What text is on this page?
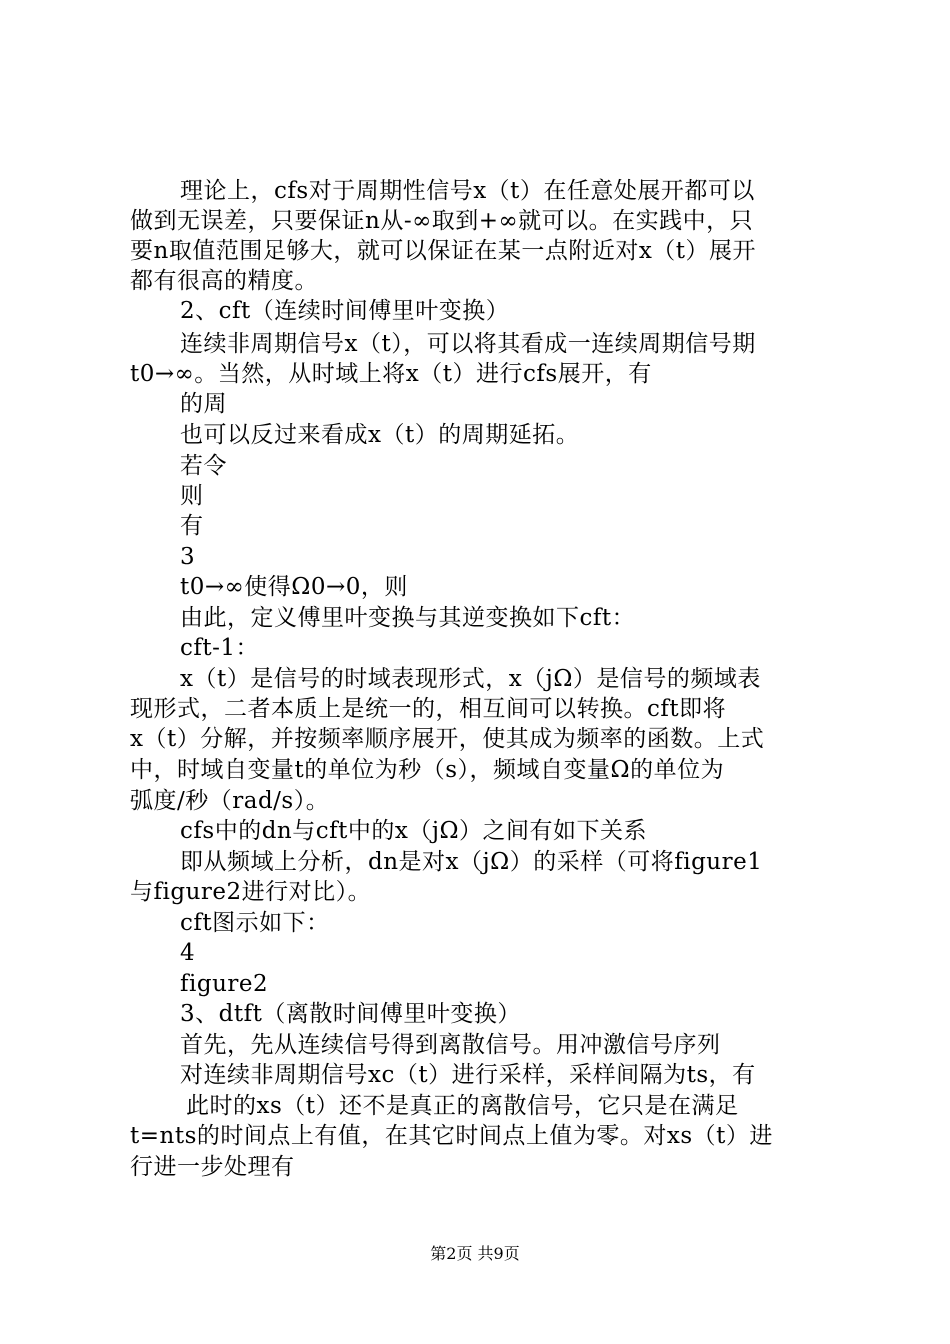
理论上，cfs对于周期性信号x（t）在任意处展开都可以
做到无误差，只要保证n从-∞取到+∞就可以。在实践中，只
要n取值范围足够大，就可以保证在某一点附近对x（t）展开
都有很高的精度。
2、cft（连续时间傅里叶变换）
连续非周期信号x（t），可以将其看成一连续周期信号期
t0→∞。当然，从时域上将x（t）进行cfs展开，有
的周
也可以反过来看成x（t）的周期延拓。
若令
则
有
3
t0→∞使得Ω0→0，则
由此，定义傅里叶变换与其逆变换如下cft：
cft-1：
x（t）是信号的时域表现形式，x（jΩ）是信号的频域表
现形式，二者本质上是统一的，相互间可以转换。cft即将
x（t）分解，并按频率顺序展开，使其成为频率的函数。上式
中，时域自变量t的单位为秒（s），频域自变量Ω的单位为
弧度/秒（rad/s）。
cfs中的dn与cft中的x（jΩ）之间有如下关系
即从频域上分析，dn是对x（jΩ）的采样（可将figure1
与figure2进行对比）。
cft图示如下：
4
figure2
3、dtft（离散时间傅里叶变换）
首先，先从连续信号得到离散信号。用冲激信号序列
对连续非周期信号xc（t）进行采样，采样间隔为ts，有
此时的xs（t）还不是真正的离散信号，它只是在满足
t=nts的时间点上有值，在其它时间点上值为零。对xs（t）进
行进一步处理有
第2页 共9页
